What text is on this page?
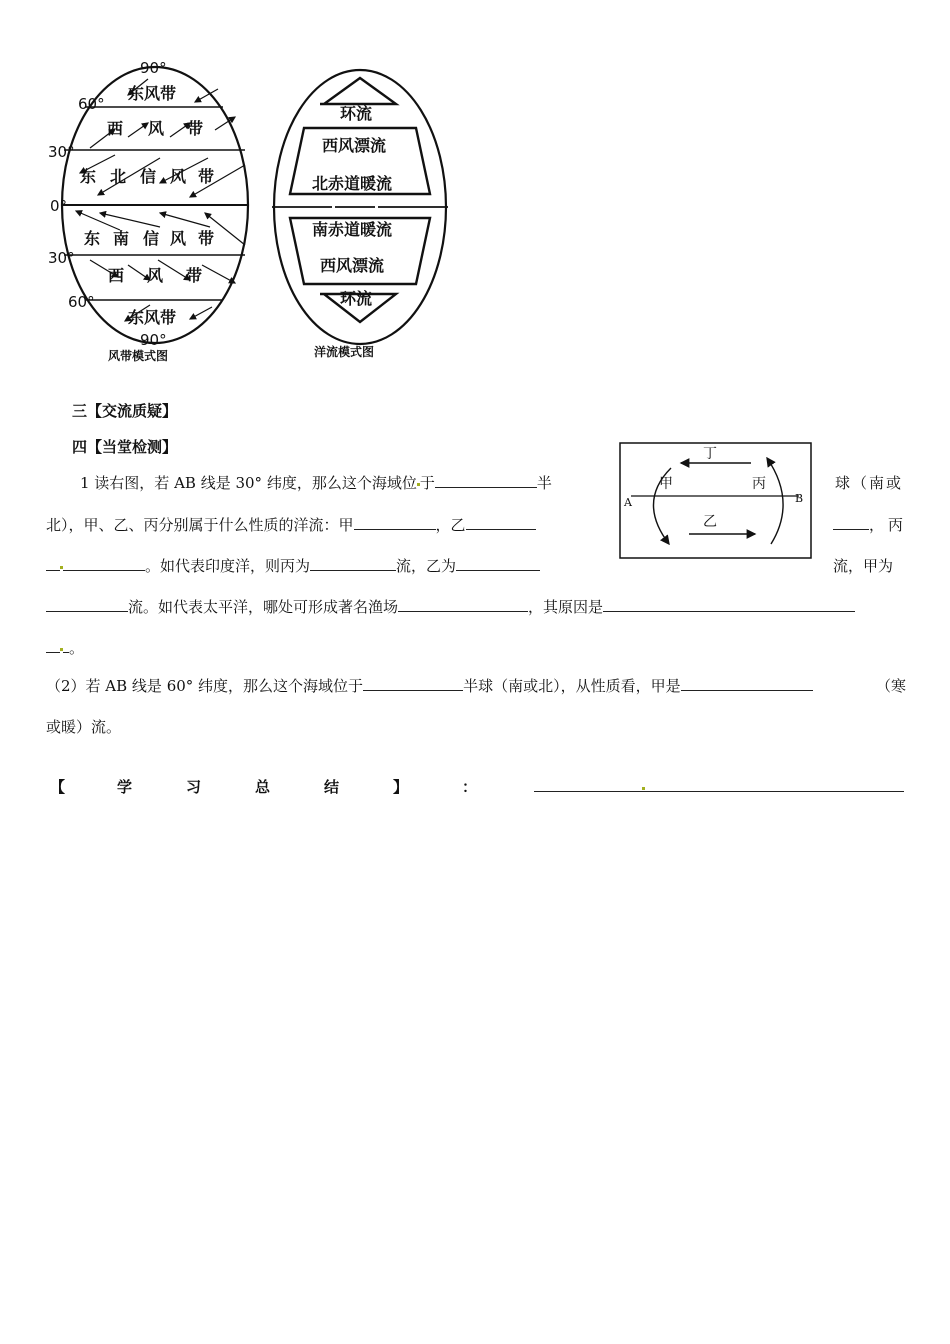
90°
60°
30°
0°
30°
60°
90°
东风带
西 风 带
东 北 信 风 带
东 南 信 风 带
西 风 带
东风带
风带模式图
环流
西风漂流
北赤道暖流
南赤道暖流
西风漂流
环流
洋流模式图
三【交流质疑】
四【当堂检测】	丁
甲	丙
乙
A	B
1 读右图，若 AB 线是 30° 纬度，那么这个海域位 于	半	球（南或
北），甲、乙、丙分别属于什么性质的洋流：甲	，乙	，丙
。如代表印度洋，则丙为	流，乙为	流，甲为
流。如代表太平洋，哪处可形成著名渔场	，其原因是
。
（2）若 AB 线是 60° 纬度，那么这个海域位于	半球（南或北），从性质看，甲是	（寒
或暖）流。
【	学	习	总	结	】	：
